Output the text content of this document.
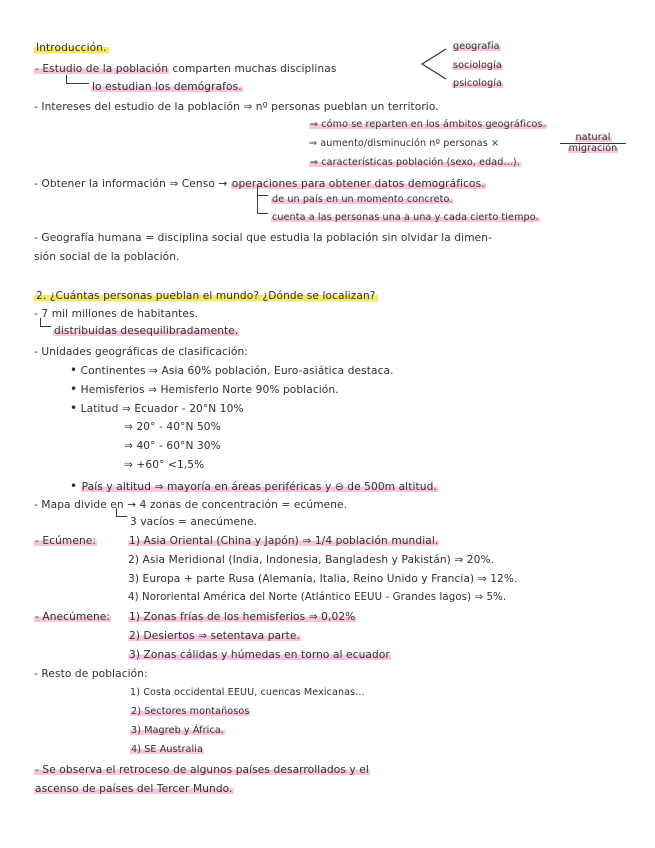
Introducción.
- Estudio de la población comparten muchas disciplinas
geografía
sociología
psicología
lo estudian los demógrafos.
- Intereses del estudio de la población ⇒ nº personas pueblan un territorio.
⇒ cómo se reparten en los ámbitos geográficos.
⇒ aumento/disminución nº personas ×
natural
migración
⇒ características población (sexo, edad...).
- Obtener la información ⇒ Censo → operaciones para obtener datos demográficos.
de un país en un momento concreto.
cuenta a las personas una a una y cada cierto tiempo.
- Geografía humana = disciplina social que estudia la población sin olvidar la dimen-
sión social de la población.
2. ¿Cuántas personas pueblan el mundo? ¿Dónde se localizan?
- 7 mil millones de habitantes.
distribuidas desequilibradamente.
- Unidades geográficas de clasificación:
• Continentes ⇒ Asia 60% población, Euro-asiática destaca.
• Hemisferios ⇒ Hemisferio Norte 90% población.
• Latitud ⇒ Ecuador - 20°N 10%
⇒ 20° - 40°N 50%
⇒ 40° - 60°N 30%
⇒ +60° <1,5%
• País y altitud ⇒ mayoría en áreas periféricas y ⊖ de 500m altitud.
- Mapa divide en → 4 zonas de concentración = ecúmene.
3 vacíos = anecúmene.
- Ecúmene:	1) Asia Oriental (China y Japón) ⇒ 1/4 población mundial.
2) Asia Meridional (India, Indonesia, Bangladesh y Pakistán) ⇒ 20%.
3) Europa + parte Rusa (Alemania, Italia, Reino Unido y Francia) ⇒ 12%.
4) Nororiental América del Norte (Atlántico EEUU - Grandes lagos) ⇒ 5%.
- Anecúmene: 1) Zonas frías de los hemisferios ⇒ 0,02%
2) Desiertos ⇒ setentava parte.
3) Zonas cálidas y húmedas en torno al ecuador
- Resto de población:
1) Costa occidental EEUU, cuencas Mexicanas...
2) Sectores montañosos
3) Magreb y África.
4) SE Australia
- Se observa el retroceso de algunos países desarrollados y el
ascenso de países del Tercer Mundo.
